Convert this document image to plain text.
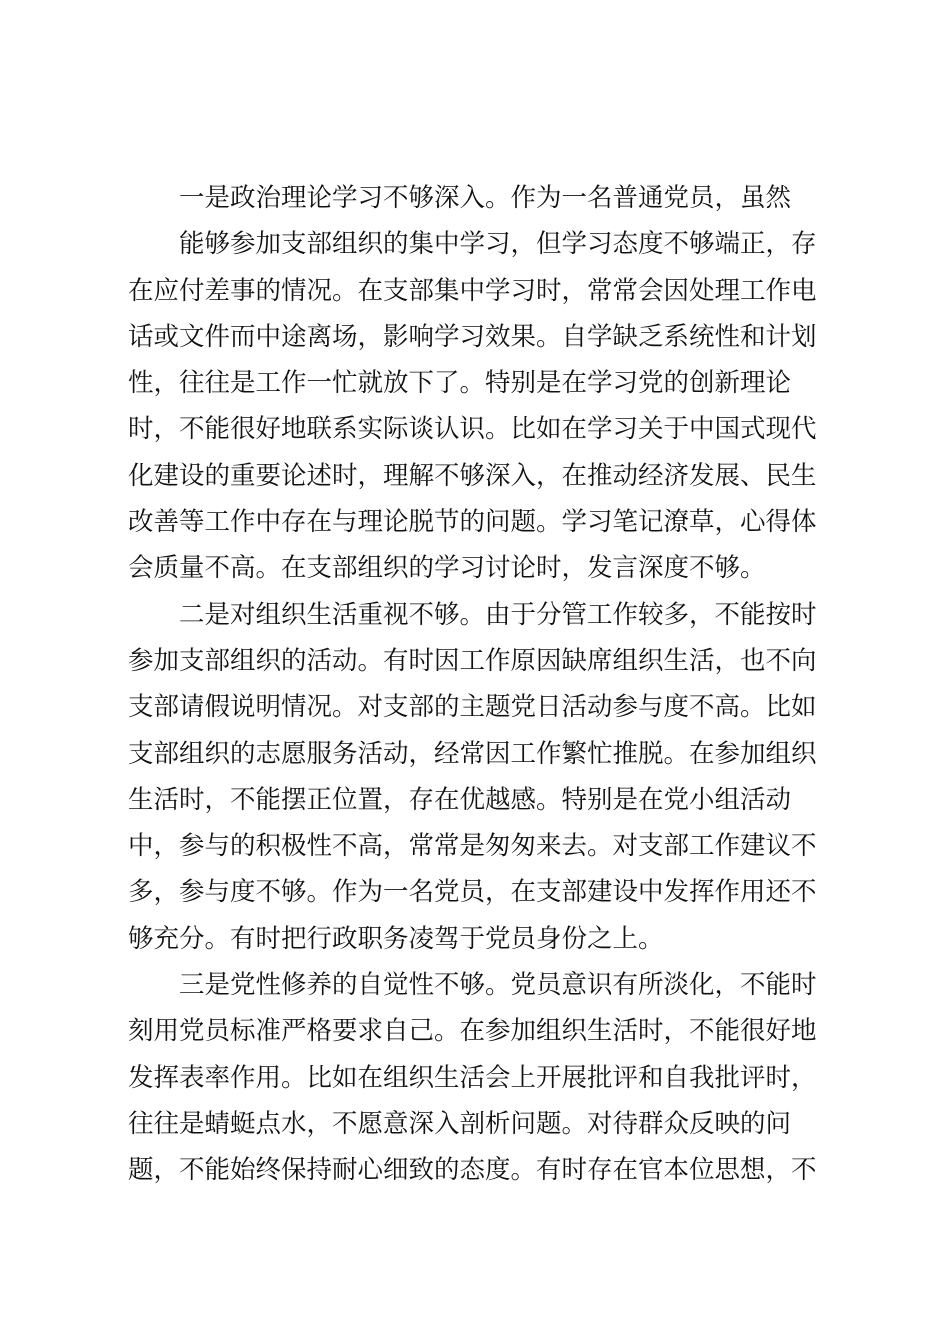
一是政治理论学习不够深入。作为一名普通党员，虽然
能够参加支部组织的集中学习，但学习态度不够端正，存
在应付差事的情况。在支部集中学习时，常常会因处理工作电
话或文件而中途离场，影响学习效果。自学缺乏系统性和计划
性，往往是工作一忙就放下了。特别是在学习党的创新理论
时，不能很好地联系实际谈认识。比如在学习关于中国式现代
化建设的重要论述时，理解不够深入，在推动经济发展、民生
改善等工作中存在与理论脱节的问题。学习笔记潦草，心得体
会质量不高。在支部组织的学习讨论时，发言深度不够。
二是对组织生活重视不够。由于分管工作较多，不能按时
参加支部组织的活动。有时因工作原因缺席组织生活，也不向
支部请假说明情况。对支部的主题党日活动参与度不高。比如
支部组织的志愿服务活动，经常因工作繁忙推脱。在参加组织
生活时，不能摆正位置，存在优越感。特别是在党小组活动
中，参与的积极性不高，常常是匆匆来去。对支部工作建议不
多，参与度不够。作为一名党员，在支部建设中发挥作用还不
够充分。有时把行政职务凌驾于党员身份之上。
三是党性修养的自觉性不够。党员意识有所淡化，不能时
刻用党员标准严格要求自己。在参加组织生活时，不能很好地
发挥表率作用。比如在组织生活会上开展批评和自我批评时，
往往是蜻蜓点水，不愿意深入剖析问题。对待群众反映的问
题，不能始终保持耐心细致的态度。有时存在官本位思想，不
